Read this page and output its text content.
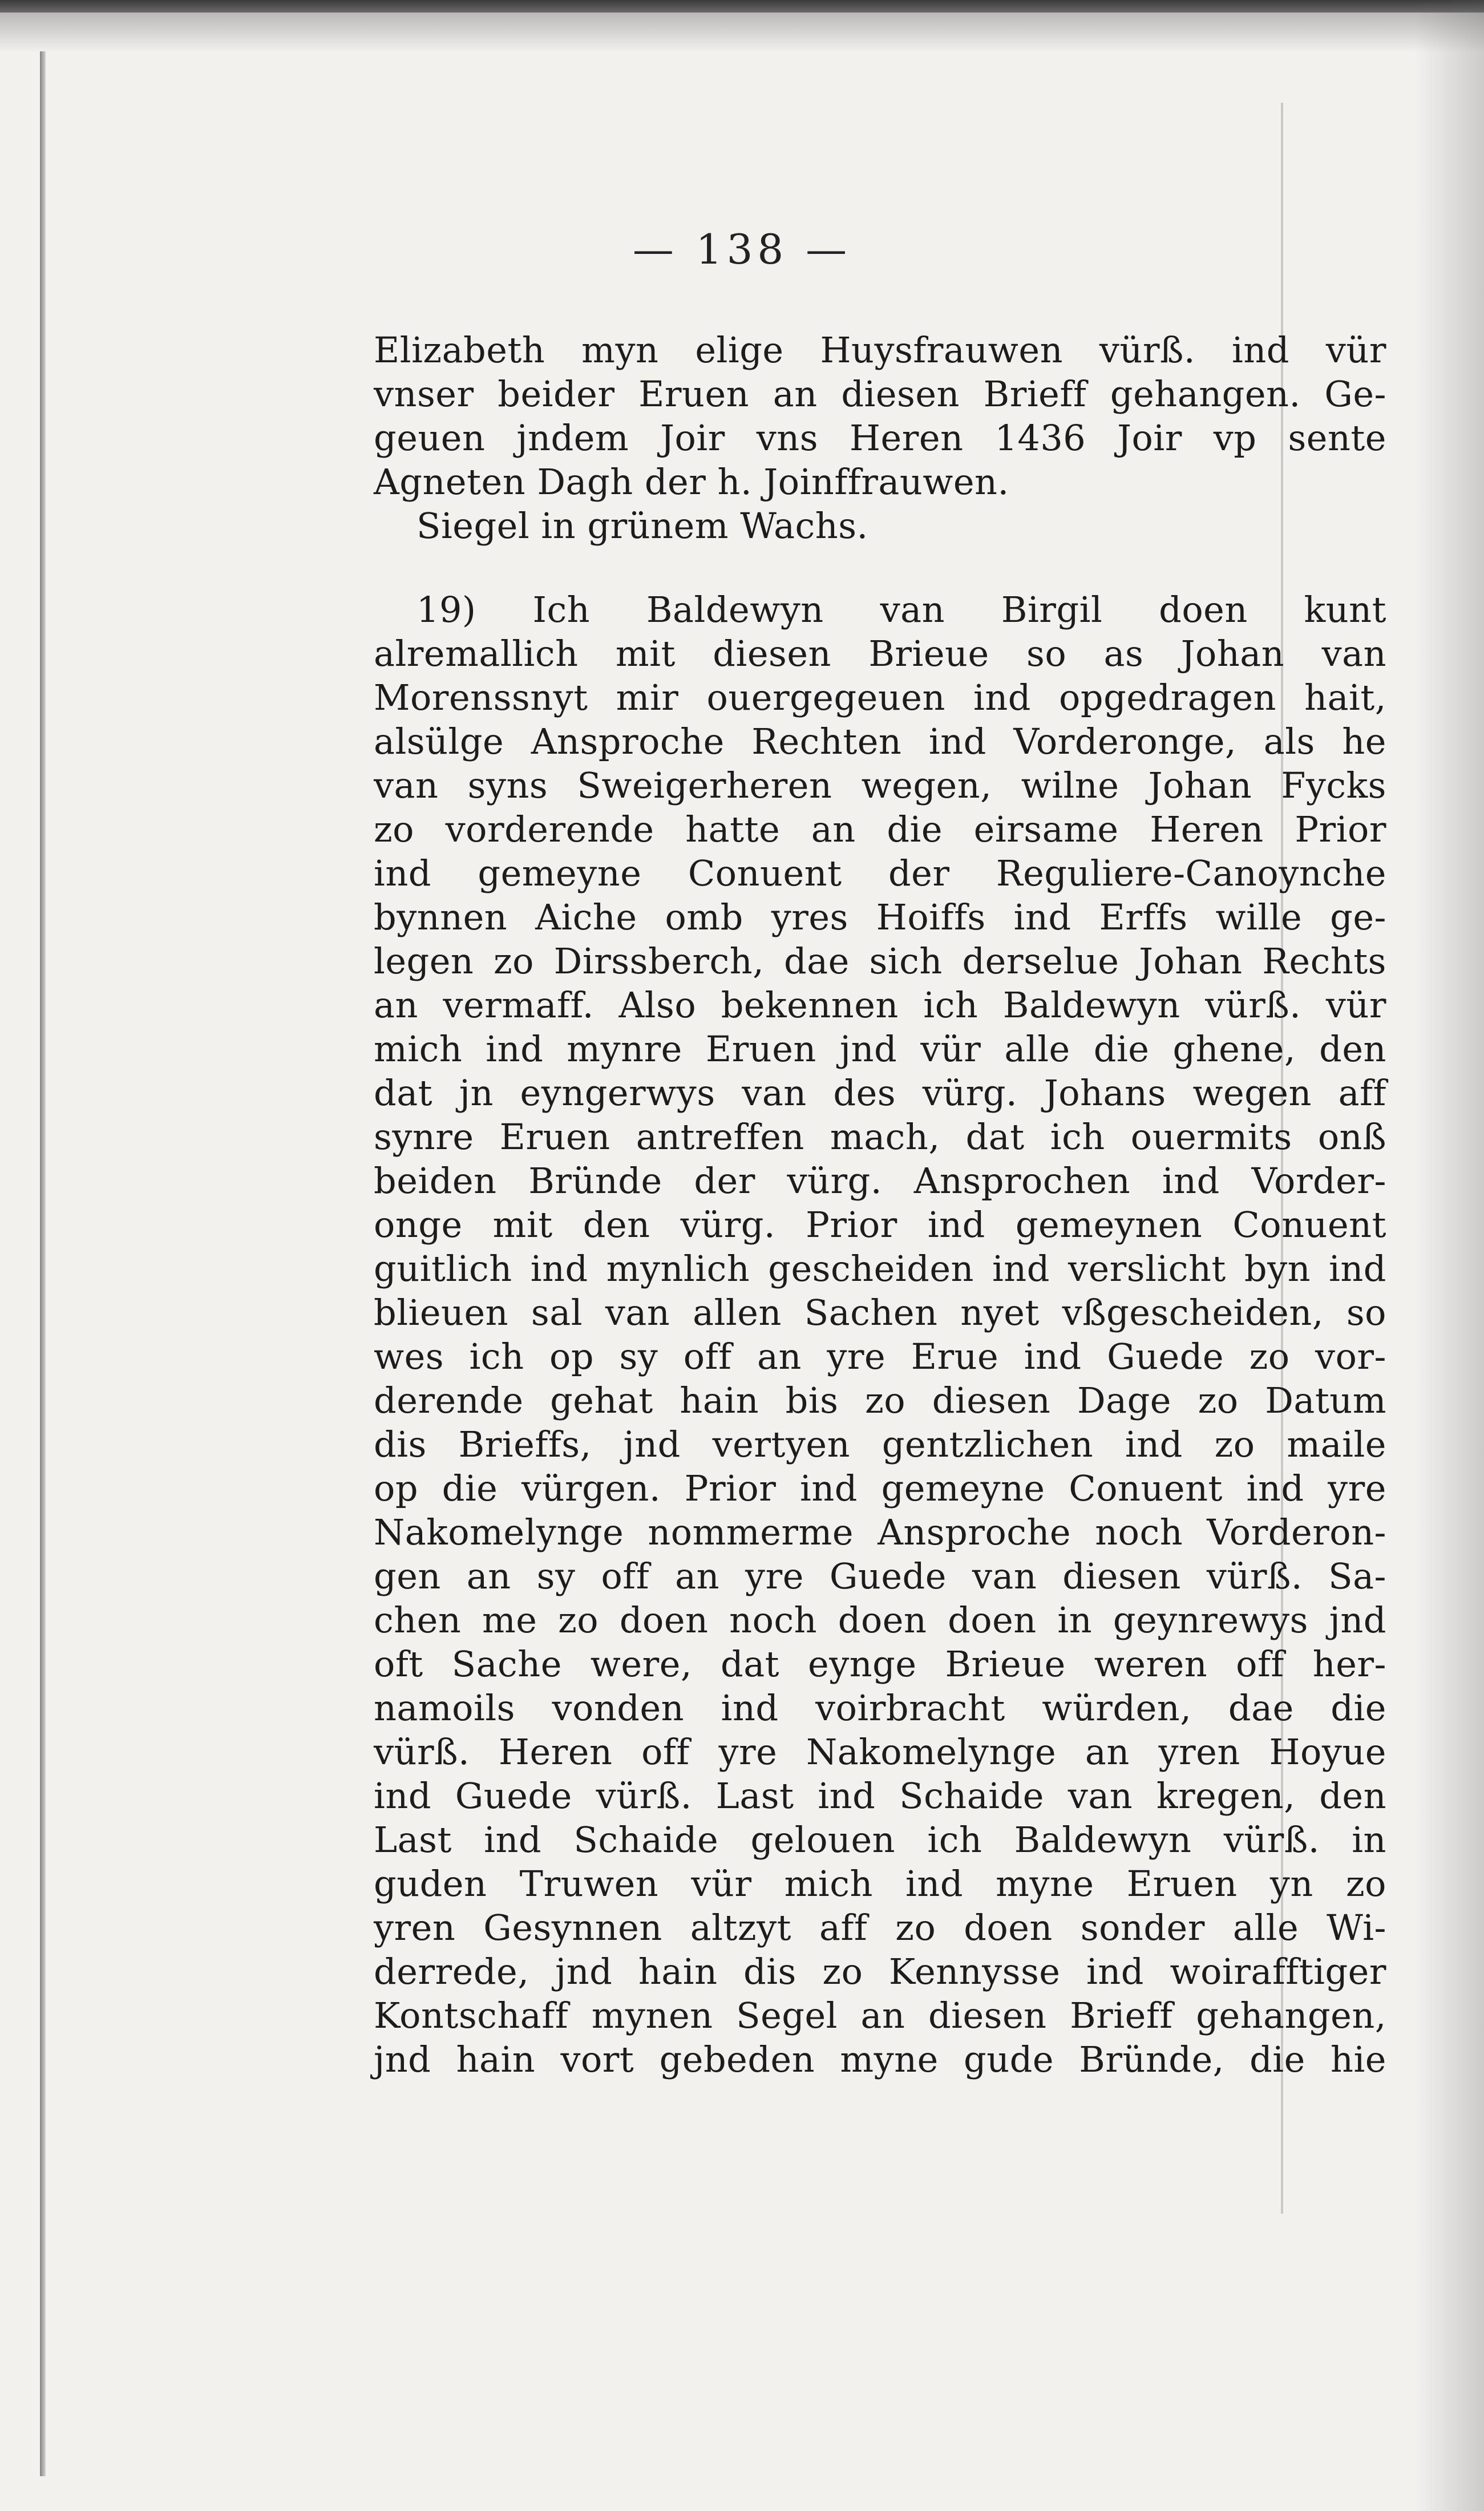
— 138 —
Elizabeth myn elige Huysfrauwen vürß. ind vür
vnser beider Eruen an diesen Brieff gehangen. Ge-
geuen jndem Joir vns Heren 1436 Joir vp sente
Agneten Dagh der h. Joinffrauwen.
Siegel in grünem Wachs.
19) Ich Baldewyn van Birgil doen kunt
alremallich mit diesen Brieue so as Johan van
Morenssnyt mir ouergegeuen ind opgedragen hait,
alsülge Ansproche Rechten ind Vorderonge, als he
van syns Sweigerheren wegen, wilne Johan Fycks
zo vorderende hatte an die eirsame Heren Prior
ind gemeyne Conuent der Reguliere-Canoynche
bynnen Aiche omb yres Hoiffs ind Erffs wille ge-
legen zo Dirssberch, dae sich derselue Johan Rechts
an vermaff. Also bekennen ich Baldewyn vürß. vür
mich ind mynre Eruen jnd vür alle die ghene, den
dat jn eyngerwys van des vürg. Johans wegen aff
synre Eruen antreffen mach, dat ich ouermits onß
beiden Bründe der vürg. Ansprochen ind Vorder-
onge mit den vürg. Prior ind gemeynen Conuent
guitlich ind mynlich gescheiden ind verslicht byn ind
blieuen sal van allen Sachen nyet vßgescheiden, so
wes ich op sy off an yre Erue ind Guede zo vor-
derende gehat hain bis zo diesen Dage zo Datum
dis Brieffs, jnd vertyen gentzlichen ind zo maile
op die vürgen. Prior ind gemeyne Conuent ind yre
Nakomelynge nommerme Ansproche noch Vorderon-
gen an sy off an yre Guede van diesen vürß. Sa-
chen me zo doen noch doen doen in geynrewys jnd
oft Sache were, dat eynge Brieue weren off her-
namoils vonden ind voirbracht würden, dae die
vürß. Heren off yre Nakomelynge an yren Hoyue
ind Guede vürß. Last ind Schaide van kregen, den
Last ind Schaide gelouen ich Baldewyn vürß. in
guden Truwen vür mich ind myne Eruen yn zo
yren Gesynnen altzyt aff zo doen sonder alle Wi-
derrede, jnd hain dis zo Kennysse ind woirafftiger
Kontschaff mynen Segel an diesen Brieff gehangen,
jnd hain vort gebeden myne gude Bründe, die hie
